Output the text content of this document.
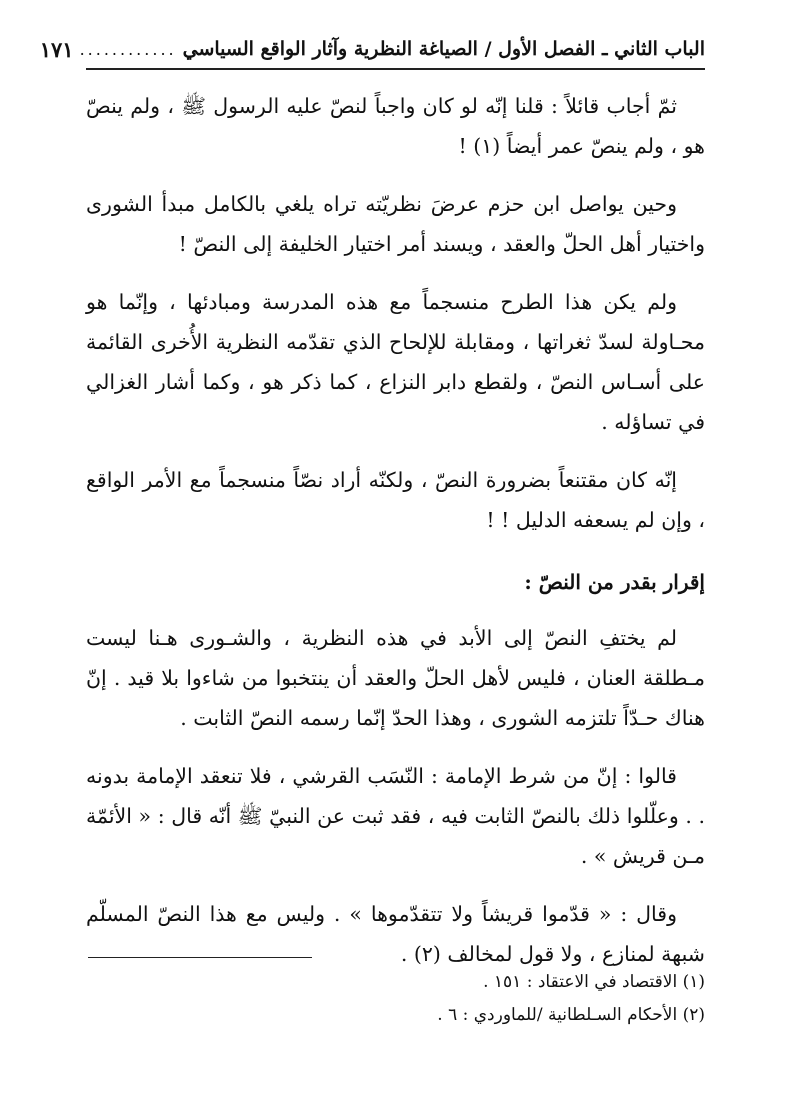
الباب الثاني ـ الفصل الأول / الصياغة النظرية وآثار الواقع السياسي
............
١٧١

ثمّ أجاب قائلاً : قلنا إنّه لو كان واجباً لنصّ عليه الرسول ﷺ ، ولم ينصّ هو ، ولم ينصّ عمر أيضاً (١) !

وحين يواصل ابن حزم عرضَ نظريّته تراه يلغي بالكامل مبدأ الشورى واختيار أهل الحلّ والعقد ، ويسند أمر اختيار الخليفة إلى النصّ !

ولم يكن هذا الطرح منسجماً مع هذه المدرسة ومبادئها ، وإنّما هو محـاولة لسدّ ثغراتها ، ومقابلة للإلحاح الذي تقدّمه النظرية الأُخرى القائمة على أسـاس النصّ ، ولقطع دابر النزاع ، كما ذكر هو ، وكما أشار الغزالي في تساؤله .

إنّه كان مقتنعاً بضرورة النصّ ، ولكنّه أراد نصّاً منسجماً مع الأمر الواقع ، وإن لم يسعفه الدليل ! !

إقرار بقدر من النصّ :

لم يختفِ النصّ إلى الأبد في هذه النظرية ، والشـورى هـنا ليست مـطلقة العنان ، فليس لأهل الحلّ والعقد أن ينتخبوا من شاءوا بلا قيد . إنّ هناك حـدّاً تلتزمه الشورى ، وهذا الحدّ إنّما رسمه النصّ الثابت .

قالوا : إنّ من شرط الإمامة : النّسَب القرشي ، فلا تنعقد الإمامة بدونه . . وعلّلوا ذلك بالنصّ الثابت فيه ، فقد ثبت عن النبيّ ﷺ أنّه قال : « الأئمّة مـن قريش » .

وقال : « قدّموا قريشاً ولا تتقدّموها » . وليس مع هذا النصّ المسلّم شبهة لمنازع ، ولا قول لمخالف (٢) .

(١) الاقتصاد في الاعتقاد : ١٥١ .

(٢) الأحكام السـلطانية /للماوردي : ٦ .
